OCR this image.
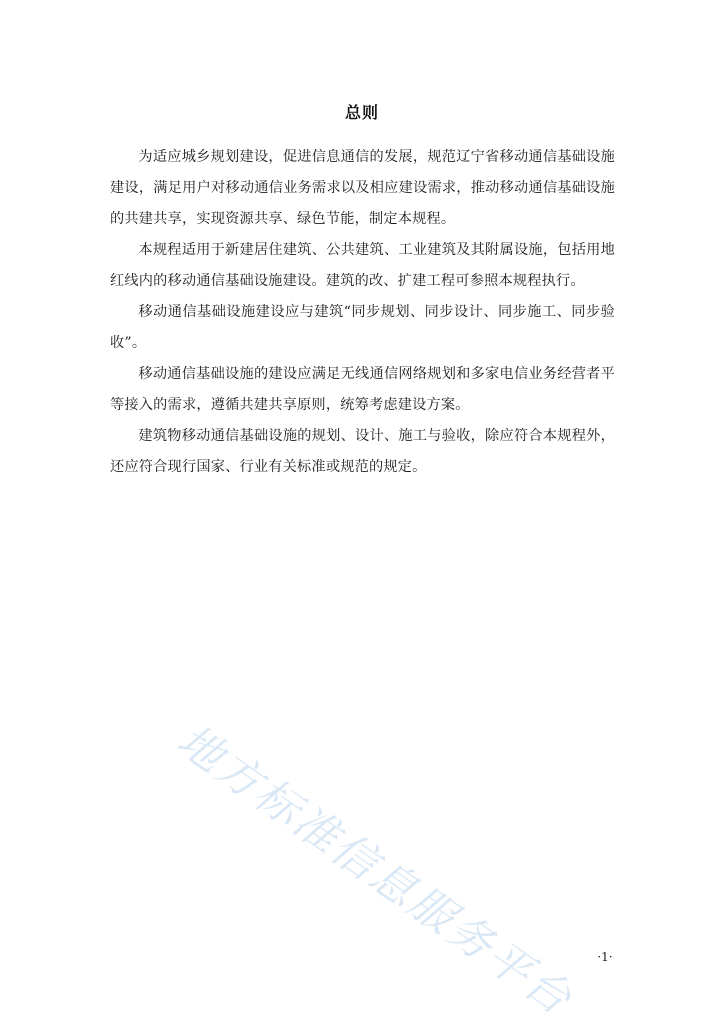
总则

为适应城乡规划建设，促进信息通信的发展，规范辽宁省移动通信基础设施建设，满足用户对移动通信业务需求以及相应建设需求，推动移动通信基础设施的共建共享，实现资源共享、绿色节能，制定本规程。

本规程适用于新建居住建筑、公共建筑、工业建筑及其附属设施，包括用地红线内的移动通信基础设施建设。建筑的改、扩建工程可参照本规程执行。

移动通信基础设施建设应与建筑“同步规划、同步设计、同步施工、同步验收”。

移动通信基础设施的建设应满足无线通信网络规划和多家电信业务经营者平等接入的需求，遵循共建共享原则，统筹考虑建设方案。

建筑物移动通信基础设施的规划、设计、施工与验收，除应符合本规程外，还应符合现行国家、行业有关标准或规范的规定。

地方标准信息服务平台	·1·
